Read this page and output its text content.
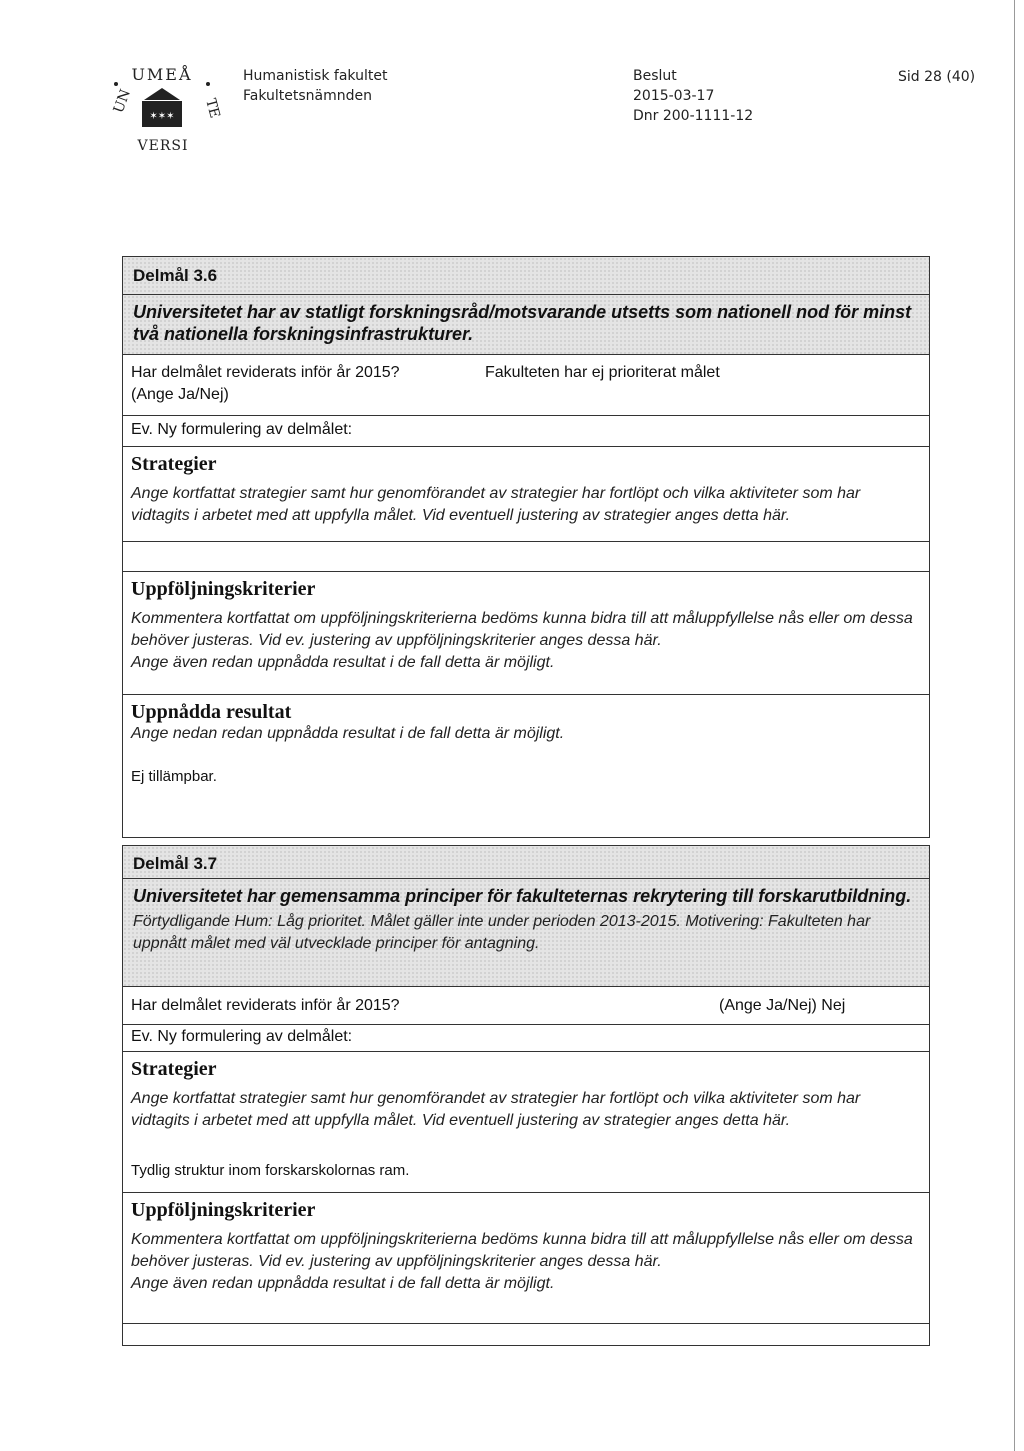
UMEÅ
UN	TE
VERSI
✶✶✶
Humanistisk fakultet
Fakultetsnämnden
Beslut
2015-03-17
Dnr 200-1111-12
Sid 28 (40)
Delmål 3.6
Universitetet har av statligt forskningsråd/motsvarande utsetts som nationell nod för minst två nationella forskningsinfrastrukturer.
Har delmålet reviderats inför år 2015?
(Ange Ja/Nej)
Fakulteten har ej prioriterat målet
Ev. Ny formulering av delmålet:
Strategier
Ange kortfattat strategier samt hur genomförandet av strategier har fortlöpt och vilka aktiviteter som har vidtagits i arbetet med att uppfylla målet. Vid eventuell justering av strategier anges detta här.
Uppföljningskriterier
Kommentera kortfattat om uppföljningskriterierna bedöms kunna bidra till att måluppfyllelse nås eller om dessa behöver justeras. Vid ev. justering av uppföljningskriterier anges dessa här.
Ange även redan uppnådda resultat i de fall detta är möjligt.
Uppnådda resultat
Ange nedan redan uppnådda resultat i de fall detta är möjligt.
Ej tillämpbar.
Delmål 3.7
Universitetet har gemensamma principer för fakulteternas rekrytering till forskarutbildning.
Förtydligande Hum: Låg prioritet. Målet gäller inte under perioden 2013-2015. Motivering: Fakulteten har uppnått målet med väl utvecklade principer för antagning.
Har delmålet reviderats inför år 2015?	(Ange Ja/Nej) Nej
Ev. Ny formulering av delmålet:
Strategier
Ange kortfattat strategier samt hur genomförandet av strategier har fortlöpt och vilka aktiviteter som har vidtagits i arbetet med att uppfylla målet. Vid eventuell justering av strategier anges detta här.
Tydlig struktur inom forskarskolornas ram.
Uppföljningskriterier
Kommentera kortfattat om uppföljningskriterierna bedöms kunna bidra till att måluppfyllelse nås eller om dessa behöver justeras. Vid ev. justering av uppföljningskriterier anges dessa här.
Ange även redan uppnådda resultat i de fall detta är möjligt.
